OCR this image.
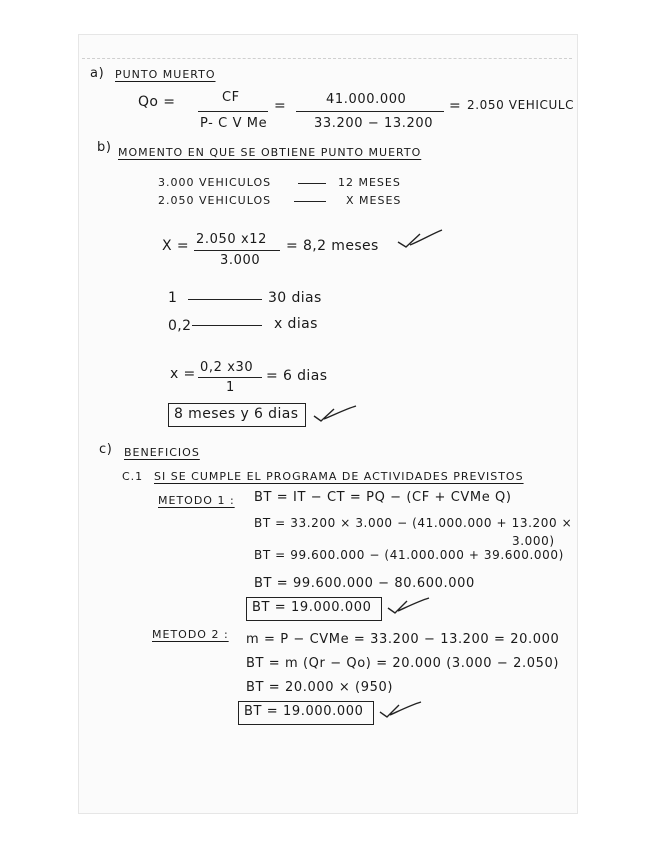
a) PUNTO MUERTO
Qo =	CF
P- C V Me
=	41.000.000
33.200 − 13.200
= 2.050 VEHICULC
b) MOMENTO EN QUE SE OBTIENE PUNTO MUERTO
3.000 VEHICULOS	12 MESES
2.050 VEHICULOS	X MESES
X = 2.050 x12
3.000
= 8,2 meses
1	30 dias
0,2	x dias
x = 0,2 x30
1
= 6 dias
8 meses y 6 dias
c) BENEFICIOS
C.1 SI SE CUMPLE EL PROGRAMA DE ACTIVIDADES PREVISTOS
METODO 1 : BT = IT − CT = PQ − (CF + CVMe Q)
BT = 33.200 × 3.000 − (41.000.000 + 13.200 ×
3.000)
BT = 99.600.000 − (41.000.000 + 39.600.000)
BT = 99.600.000 − 80.600.000
BT = 19.000.000
METODO 2 : m = P − CVMe = 33.200 − 13.200 = 20.000
BT = m (Qr − Qo) = 20.000 (3.000 − 2.050)
BT = 20.000 × (950)
BT = 19.000.000
